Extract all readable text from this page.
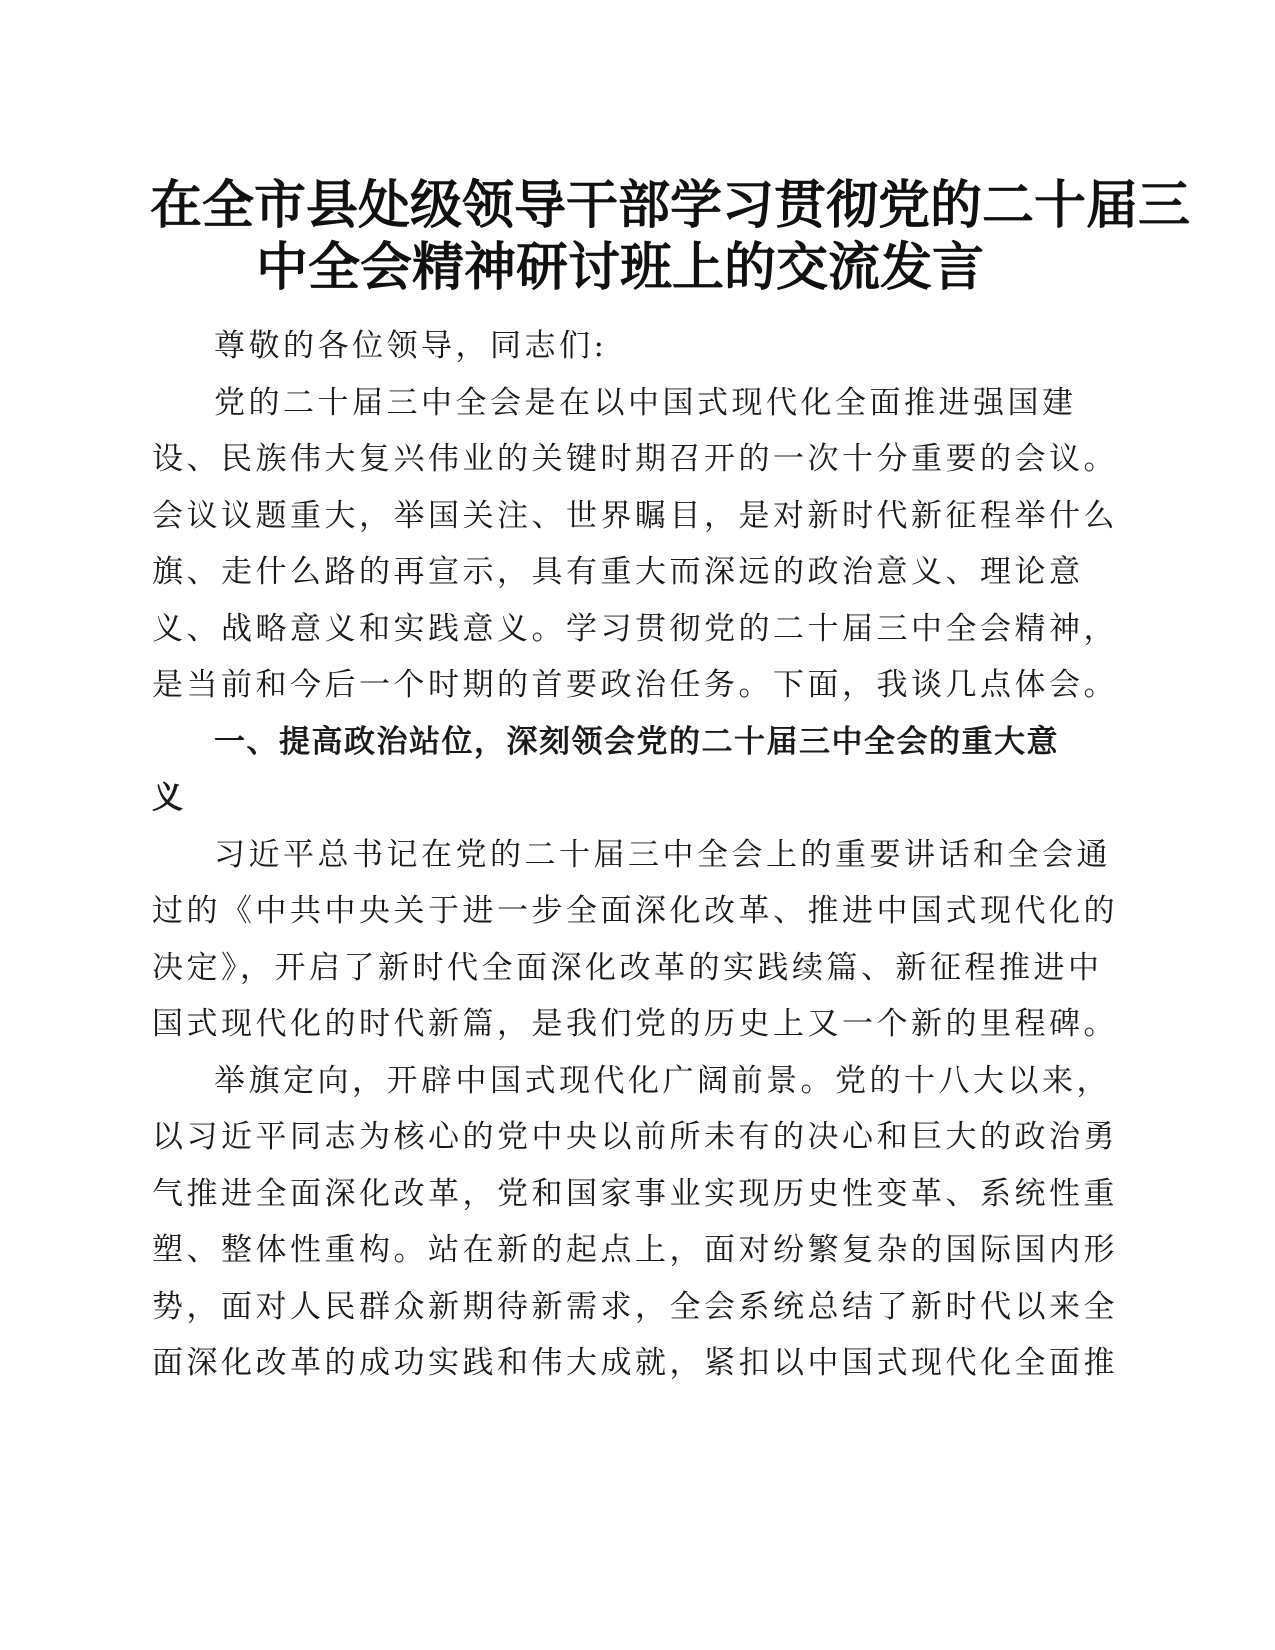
在全市县处级领导干部学习贯彻党的二十届三
中全会精神研讨班上的交流发言
尊敬的各位领导，同志们:
党的二十届三中全会是在以中国式现代化全面推进强国建
设、民族伟大复兴伟业的关键时期召开的一次十分重要的会议。
会议议题重大，举国关注、世界瞩目，是对新时代新征程举什么
旗、走什么路的再宣示，具有重大而深远的政治意义、理论意
义、战略意义和实践意义。学习贯彻党的二十届三中全会精神，
是当前和今后一个时期的首要政治任务。下面，我谈几点体会。
一、提高政治站位，深刻领会党的二十届三中全会的重大意
义
习近平总书记在党的二十届三中全会上的重要讲话和全会通
过的《中共中央关于进一步全面深化改革、推进中国式现代化的
决定》，开启了新时代全面深化改革的实践续篇、新征程推进中
国式现代化的时代新篇，是我们党的历史上又一个新的里程碑。
举旗定向，开辟中国式现代化广阔前景。党的十八大以来，
以习近平同志为核心的党中央以前所未有的决心和巨大的政治勇
气推进全面深化改革，党和国家事业实现历史性变革、系统性重
塑、整体性重构。站在新的起点上，面对纷繁复杂的国际国内形
势，面对人民群众新期待新需求，全会系统总结了新时代以来全
面深化改革的成功实践和伟大成就，紧扣以中国式现代化全面推
